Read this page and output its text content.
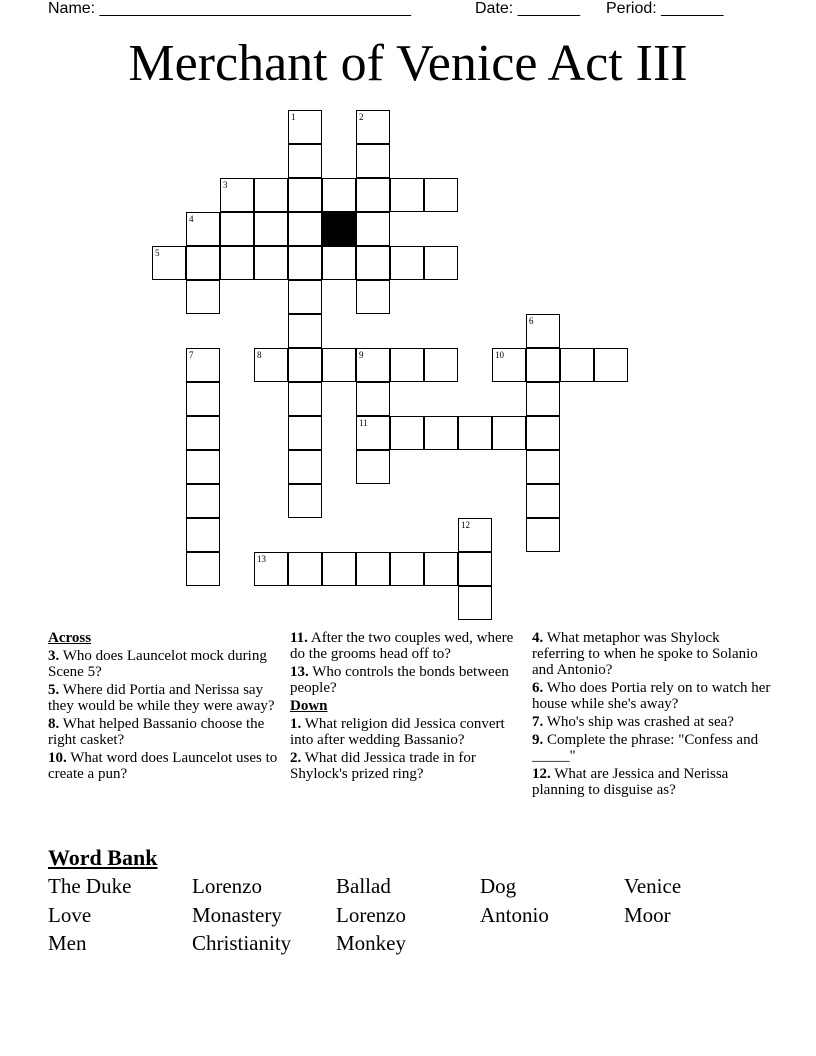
Name: ___________________________________	Date: _______ Period: _______
Merchant of Venice Act III
3
4
5
8	9	10
11
13
1	2
6
7
12
Across
3. Who does Launcelot mock during Scene 5?
5. Where did Portia and Nerissa say they would be while they were away?
8. What helped Bassanio choose the right casket?
10. What word does Launcelot uses to create a pun?
11. After the two couples wed, where do the grooms head off to?
13. Who controls the bonds between people?
Down
1. What religion did Jessica convert into after wedding Bassanio?
2. What did Jessica trade in for Shylock's prized ring?
4. What metaphor was Shylock referring to when he spoke to Solanio and Antonio?
6. Who does Portia rely on to watch her house while she's away?
7. Who's ship was crashed at sea?
9. Complete the phrase: "Confess and _____"
12. What are Jessica and Nerissa planning to disguise as?
Word Bank
The Duke	Lorenzo	Ballad	Dog	Venice
Love	Monastery	Lorenzo	Antonio	Moor
Men	Christianity	Monkey
